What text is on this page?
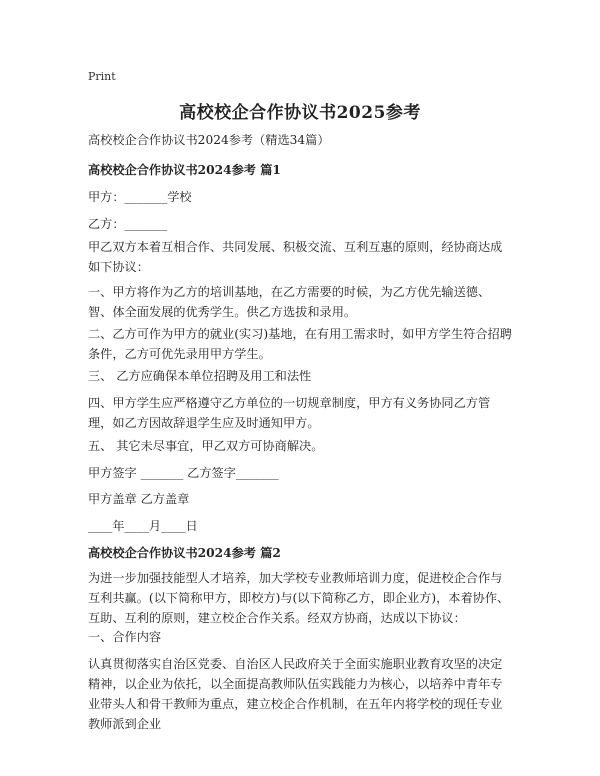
Print
高校校企合作协议书2025参考
高校校企合作协议书2024参考（精选34篇）
高校校企合作协议书2024参考 篇1
甲方：_______学校
乙方：_______
甲乙双方本着互相合作、共同发展、积极交流、互利互惠的原则，经协商达成如下协议：
一、甲方将作为乙方的培训基地，在乙方需要的时候，为乙方优先输送德、智、体全面发展的优秀学生。供乙方选拔和录用。
二、乙方可作为甲方的就业(实习)基地，在有用工需求时，如甲方学生符合招聘条件，乙方可优先录用甲方学生。
三、 乙方应确保本单位招聘及用工和法性
四、甲方学生应严格遵守乙方单位的一切规章制度，甲方有义务协同乙方管理，如乙方因故辞退学生应及时通知甲方。
五、 其它未尽事宜，甲乙双方可协商解决。
甲方签字 _______ 乙方签字_______
甲方盖章 乙方盖章
____年____月____日
高校校企合作协议书2024参考 篇2
为进一步加强技能型人才培养，加大学校专业教师培训力度，促进校企合作与互利共赢。(以下简称甲方，即校方)与(以下简称乙方，即企业方)，本着协作、互助、互利的原则，建立校企合作关系。经双方协商，达成以下协议：
一、合作内容
认真贯彻落实自治区党委、自治区人民政府关于全面实施职业教育攻坚的决定精神，以企业为依托，以全面提高教师队伍实践能力为核心，以培养中青年专业带头人和骨干教师为重点，建立校企合作机制，在五年内将学校的现任专业教师派到企业
